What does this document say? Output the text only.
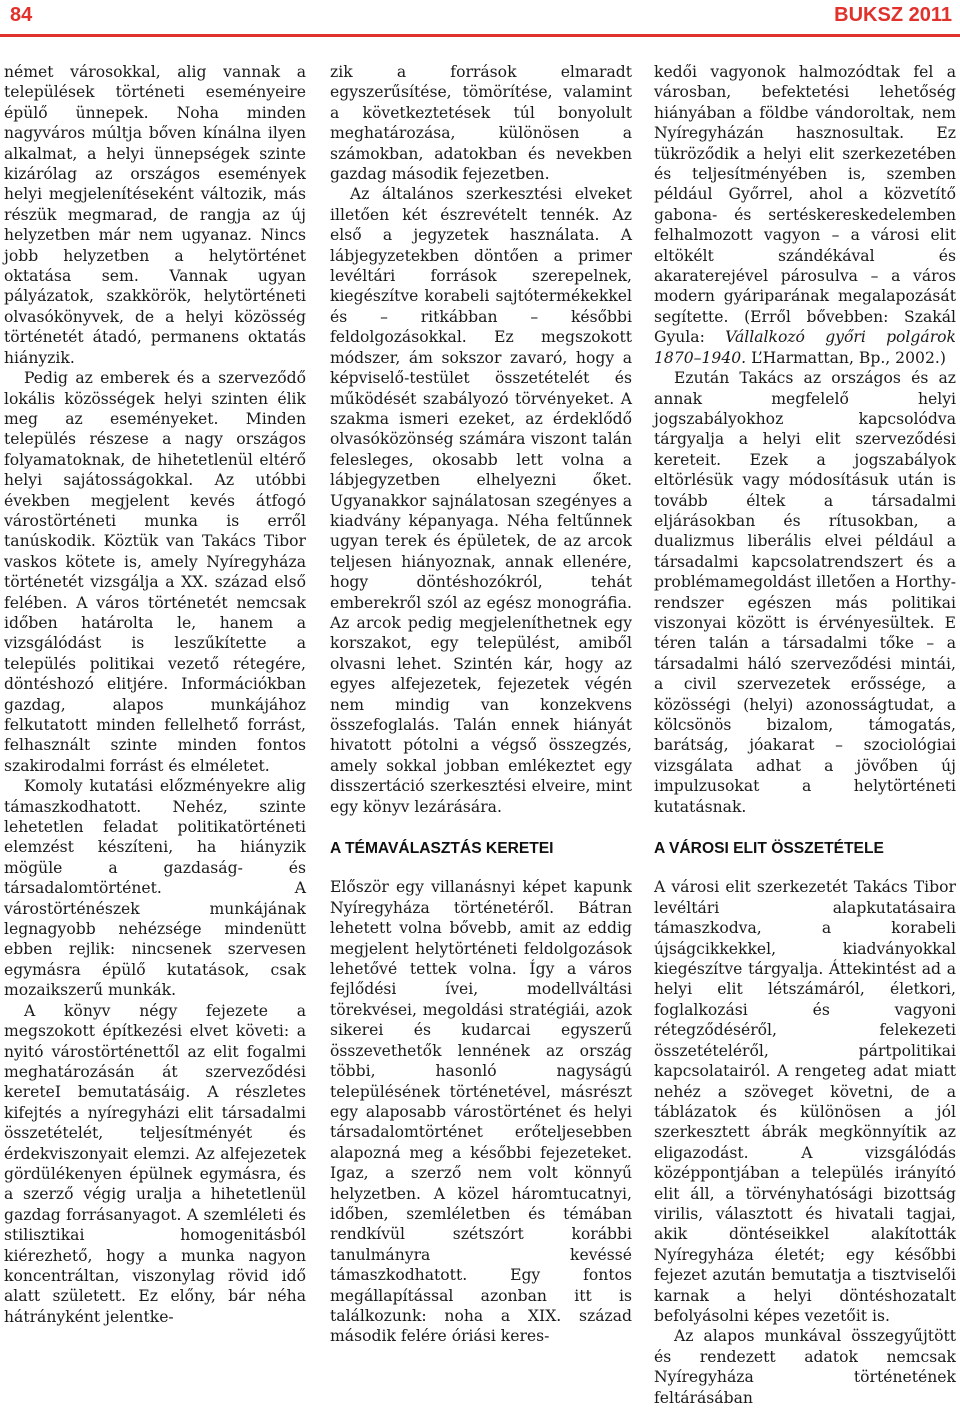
84	BUKSZ 2011

német városokkal, alig vannak a települések történeti eseményeire épülő ünnepek. Noha minden nagyváros múltja bőven kínálna ilyen alkalmat, a helyi ünnepségek szinte kizárólag az országos események helyi megjelenítéseként változik, más részük megmarad, de rangja az új helyzetben már nem ugyanaz. Nincs jobb helyzetben a helytörténet oktatása sem. Vannak ugyan pályázatok, szakkörök, helytörténeti olvasókönyvek, de a helyi közösség történetét átadó, permanens oktatás hiányzik.

Pedig az emberek és a szerveződő lokális közösségek helyi szinten élik meg az eseményeket. Minden település részese a nagy országos folyamatoknak, de hihetetlenül eltérő helyi sajátosságokkal. Az utóbbi években megjelent kevés átfogó várostörténeti munka is erről tanúskodik. Köztük van Takács Tibor vaskos kötete is, amely Nyíregyháza történetét vizsgálja a XX. század első felében. A város történetét nemcsak időben határolta le, hanem a vizsgálódást is leszűkítette a település politikai vezető rétegére, döntéshozó elitjére. Információkban gazdag, alapos munkájához felkutatott minden fellelhető forrást, felhasznált szinte minden fontos szakirodalmi forrást és elméletet.

Komoly kutatási előzményekre alig támaszkodhatott. Nehéz, szinte lehetetlen feladat politikatörténeti elemzést készíteni, ha hiányzik mögüle a gazdaság- és társadalomtörténet. A várostörténészek munkájának legnagyobb nehézsége mindenütt ebben rejlik: nincsenek szervesen egymásra épülő kutatások, csak mozaikszerű munkák.

A könyv négy fejezete a megszokott építkezési elvet követi: a nyitó várostörténettől az elit fogalmi meghatározásán át szerveződési kereteI bemutatásáig. A részletes kifejtés a nyíregyházi elit társadalmi összetételét, teljesítményét és érdekviszonyait elemzi. Az alfejezetek gördülékenyen épülnek egymásra, és a szerző végig uralja a hihetetlenül gazdag forrásanyagot. A szemléleti és stilisztikai homogenitásból kiérezhető, hogy a munka nagyon koncentráltan, viszonylag rövid idő alatt született. Ez előny, bár néha hátrányként jelentke-

zik a források elmaradt egyszerűsítése, tömörítése, valamint a következtetések túl bonyolult meghatározása, különösen a számokban, adatokban és nevekben gazdag második fejezetben.

Az általános szerkesztési elveket illetően két észrevételt tennék. Az első a jegyzetek használata. A lábjegyzetekben döntően a primer levéltári források szerepelnek, kiegészítve korabeli sajtótermékekkel és – ritkábban – későbbi feldolgozásokkal. Ez megszokott módszer, ám sokszor zavaró, hogy a képviselő-testület összetételét és működését szabályozó törvényeket. A szakma ismeri ezeket, az érdeklődő olvasóközönség számára viszont talán felesleges, okosabb lett volna a lábjegyzetben elhelyezni őket. Ugyanakkor sajnálatosan szegényes a kiadvány képanyaga. Néha feltűnnek ugyan terek és épületek, de az arcok teljesen hiányoznak, annak ellenére, hogy döntéshozókról, tehát emberekről szól az egész monográfia. Az arcok pedig megjeleníthetnek egy korszakot, egy települést, amiből olvasni lehet. Szintén kár, hogy az egyes alfejezetek, fejezetek végén nem mindig van konzekvens összefoglalás. Talán ennek hiányát hivatott pótolni a végső összegzés, amely sokkal jobban emlékeztet egy disszertáció szerkesztési elveire, mint egy könyv lezárására.

A TÉMAVÁLASZTÁS KERETEI

Először egy villanásnyi képet kapunk Nyíregyháza történetéről. Bátran lehetett volna bővebb, amit az eddig megjelent helytörténeti feldolgozások lehetővé tettek volna. Így a város fejlődési ívei, modellváltási törekvései, megoldási stratégiái, azok sikerei és kudarcai egyszerű összevethetők lennének az ország többi, hasonló nagyságú településének történetével, másrészt egy alaposabb várostörténet és helyi társadalomtörténet erőteljesebben alapozná meg a későbbi fejezeteket. Igaz, a szerző nem volt könnyű helyzetben. A közel háromtucatnyi, időben, szemléletben és témában rendkívül szétszórt korábbi tanulmányra kevéssé támaszkodhatott. Egy fontos megállapítással azonban itt is találkozunk: noha a XIX. század második felére óriási keres-

kedői vagyonok halmozódtak fel a városban, befektetési lehetőség hiányában a földbe vándoroltak, nem Nyíregyházán hasznosultak. Ez tükröződik a helyi elit szerkezetében és teljesítményében is, szemben például Győrrel, ahol a közvetítő gabona- és sertéskereskedelemben felhalmozott vagyon – a városi elit eltökélt szándékával és akaraterejével párosulva – a város modern gyáriparának megalapozását segítette. (Erről bővebben: Szakál Gyula: Vállalkozó győri polgárok 1870–1940. L’Harmattan, Bp., 2002.)

Ezután Takács az országos és az annak megfelelő helyi jogszabályokhoz kapcsolódva tárgyalja a helyi elit szerveződési kereteit. Ezek a jogszabályok eltörlésük vagy módosításuk után is tovább éltek a társadalmi eljárásokban és rítusokban, a dualizmus liberális elvei például a társadalmi kapcsolatrendszert és a problémamegoldást illetően a Horthy-rendszer egészen más politikai viszonyai között is érvényesültek. E téren talán a társadalmi tőke – a társadalmi háló szerveződési mintái, a civil szervezetek erőssége, a közösségi (helyi) azonosságtudat, a kölcsönös bizalom, támogatás, barátság, jóakarat – szociológiai vizsgálata adhat a jövőben új impulzusokat a helytörténeti kutatásnak.

A VÁROSI ELIT ÖSSZETÉTELE

A városi elit szerkezetét Takács Tibor levéltári alapkutatásaira támaszkodva, a korabeli újságcikkekkel, kiadványokkal kiegészítve tárgyalja. Áttekintést ad a helyi elit létszámáról, életkori, foglalkozási és vagyoni rétegződéséről, felekezeti összetételéről, pártpolitikai kapcsolatairól. A rengeteg adat miatt nehéz a szöveget követni, de a táblázatok és különösen a jól szerkesztett ábrák megkönnyítik az eligazodást. A vizsgálódás középpontjában a település irányító elit áll, a törvényhatósági bizottság virilis, választott és hivatali tagjai, akik döntéseikkel alakították Nyíregyháza életét; egy későbbi fejezet azután bemutatja a tisztviselői karnak a helyi döntéshozatalt befolyásolni képes vezetőit is.

Az alapos munkával összegyűjtött és rendezett adatok nemcsak Nyíregyháza történetének feltárásában
